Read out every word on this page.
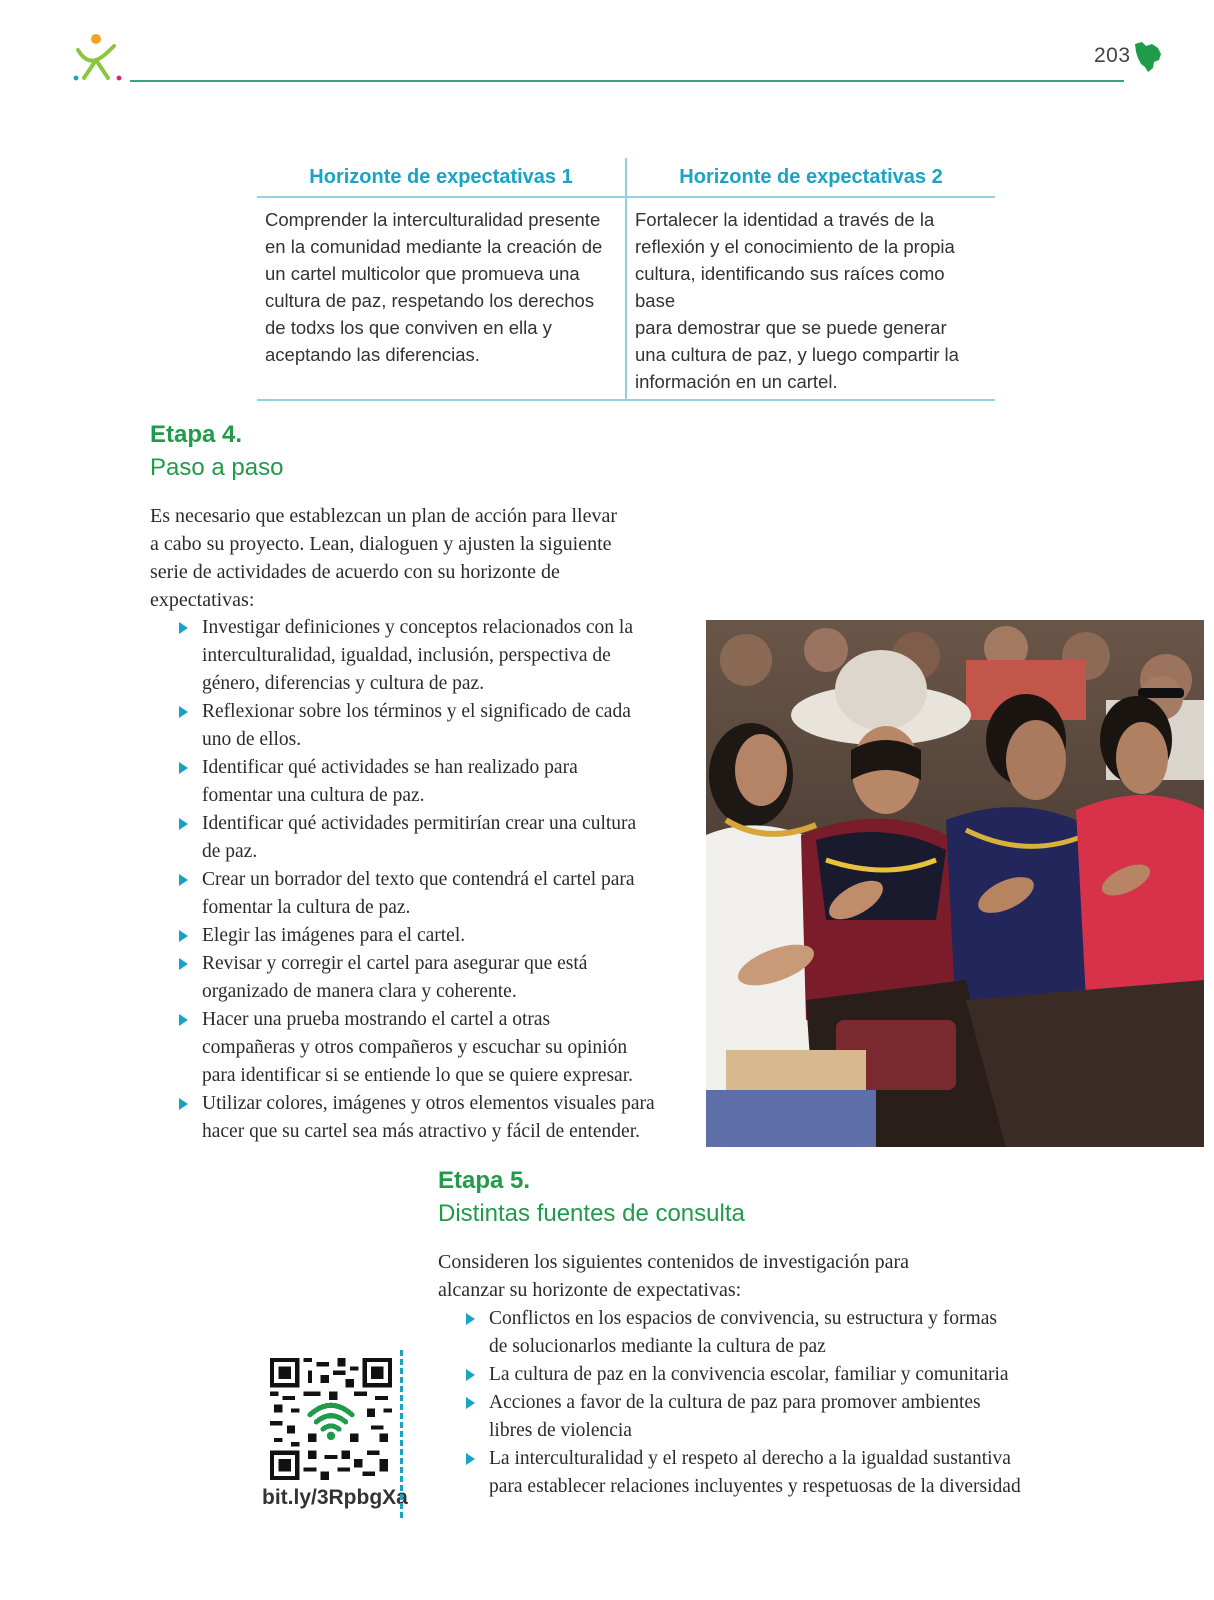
203
Horizonte de expectativas 1	Horizonte de expectativas 2
Comprender la interculturalidad presente
en la comunidad mediante la creación de
un cartel multicolor que promueva una
cultura de paz, respetando los derechos
de todxs los que conviven en ella y
aceptando las diferencias.
Fortalecer la identidad a través de la
reflexión y el conocimiento de la propia
cultura, identificando sus raíces como base
para demostrar que se puede generar
una cultura de paz, y luego compartir la
información en un cartel.
Etapa 4.
Paso a paso
Es necesario que establezcan un plan de acción para llevar
a cabo su proyecto. Lean, dialoguen y ajusten la siguiente
serie de actividades de acuerdo con su horizonte de
expectativas:
Investigar definiciones y conceptos relacionados con la
interculturalidad, igualdad, inclusión, perspectiva de
género, diferencias y cultura de paz.
Reflexionar sobre los términos y el significado de cada
uno de ellos.
Identificar qué actividades se han realizado para
fomentar una cultura de paz.
Identificar qué actividades permitirían crear una cultura
de paz.
Crear un borrador del texto que contendrá el cartel para
fomentar la cultura de paz.
Elegir las imágenes para el cartel.
Revisar y corregir el cartel para asegurar que está
organizado de manera clara y coherente.
Hacer una prueba mostrando el cartel a otras
compañeras y otros compañeros y escuchar su opinión
para identificar si se entiende lo que se quiere expresar.
Utilizar colores, imágenes y otros elementos visuales para
hacer que su cartel sea más atractivo y fácil de entender.
Etapa 5.
Distintas fuentes de consulta
Consideren los siguientes contenidos de investigación para
alcanzar su horizonte de expectativas:
Conflictos en los espacios de convivencia, su estructura y formas
de solucionarlos mediante la cultura de paz
La cultura de paz en la convivencia escolar, familiar y comunitaria
Acciones a favor de la cultura de paz para promover ambientes
libres de violencia
La interculturalidad y el respeto al derecho a la igualdad sustantiva
para establecer relaciones incluyentes y respetuosas de la diversidad
bit.ly/3RpbgXa
